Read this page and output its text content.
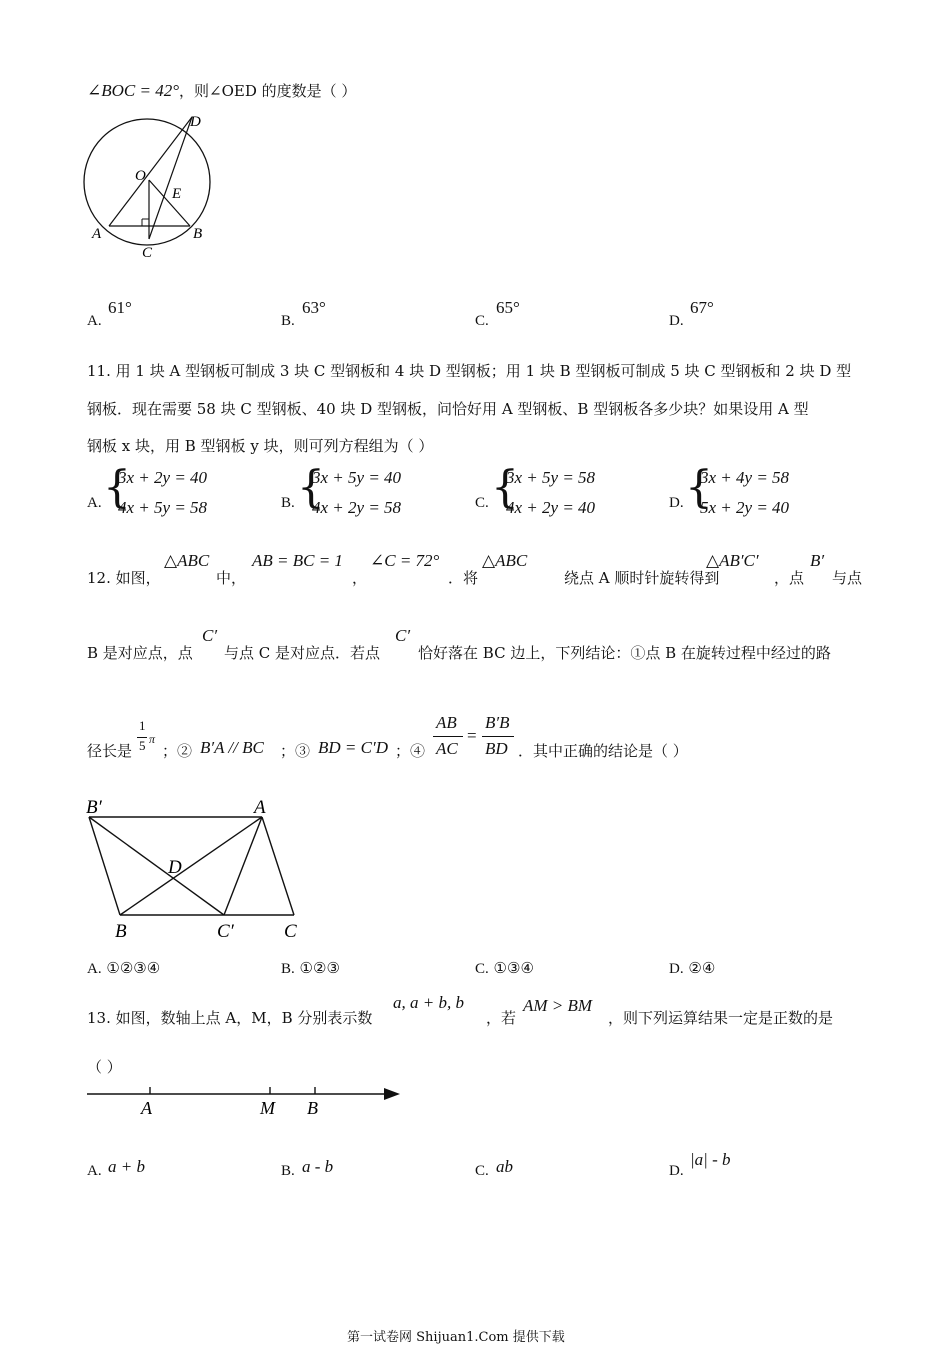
∠BOC = 42°，则∠OED 的度数是（ ）
D
O
E
A	B
C
A.
61°
B.
63°
C.
65°
D.
67°
11. 用 1 块 A 型钢板可制成 3 块 C 型钢板和 4 块 D 型钢板；用 1 块 B 型钢板可制成 5 块 C 型钢板和 2 块 D 型
钢板．现在需要 58 块 C 型钢板、40 块 D 型钢板，问恰好用 A 型钢板、B 型钢板各多少块？如果设用 A 型
钢板 x 块，用 B 型钢板 y 块，则可列方程组为（ ）
A. {
3x + 2y = 40
4x + 5y = 58	B. {
3x + 5y = 40
4x + 2y = 58	C. {
3x + 5y = 58
4x + 2y = 40	D. {
3x + 4y = 58
5x + 2y = 40
12. 如图，
△ABC
中，
AB = BC = 1
，
∠C = 72°
．将
△ABC
绕点 A 顺时针旋转得到
△AB′C′
，点
B′
与点
B 是对应点，点
C′
与点 C 是对应点．若点
C′
恰好落在 BC 边上，下列结论：①点 B 在旋转过程中经过的路
径长是
1
5 π
；② B′A // BC ；③ BD = C′D ；④
AB
AC
=
B′B
BD ．其中正确的结论是（ ）
B′	A
D
B	C′	C
A. ①②③④	B. ①②③	C. ①③④	D. ②④
13. 如图，数轴上点 A，M，B 分别表示数
a, a + b, b
，若
AM > BM
，则下列运算结果一定是正数的是
（ ）
A	M B
A. a + b	B. a - b	C. ab	D.
|a| - b
第一试卷网 Shijuan1.Com 提供下载
